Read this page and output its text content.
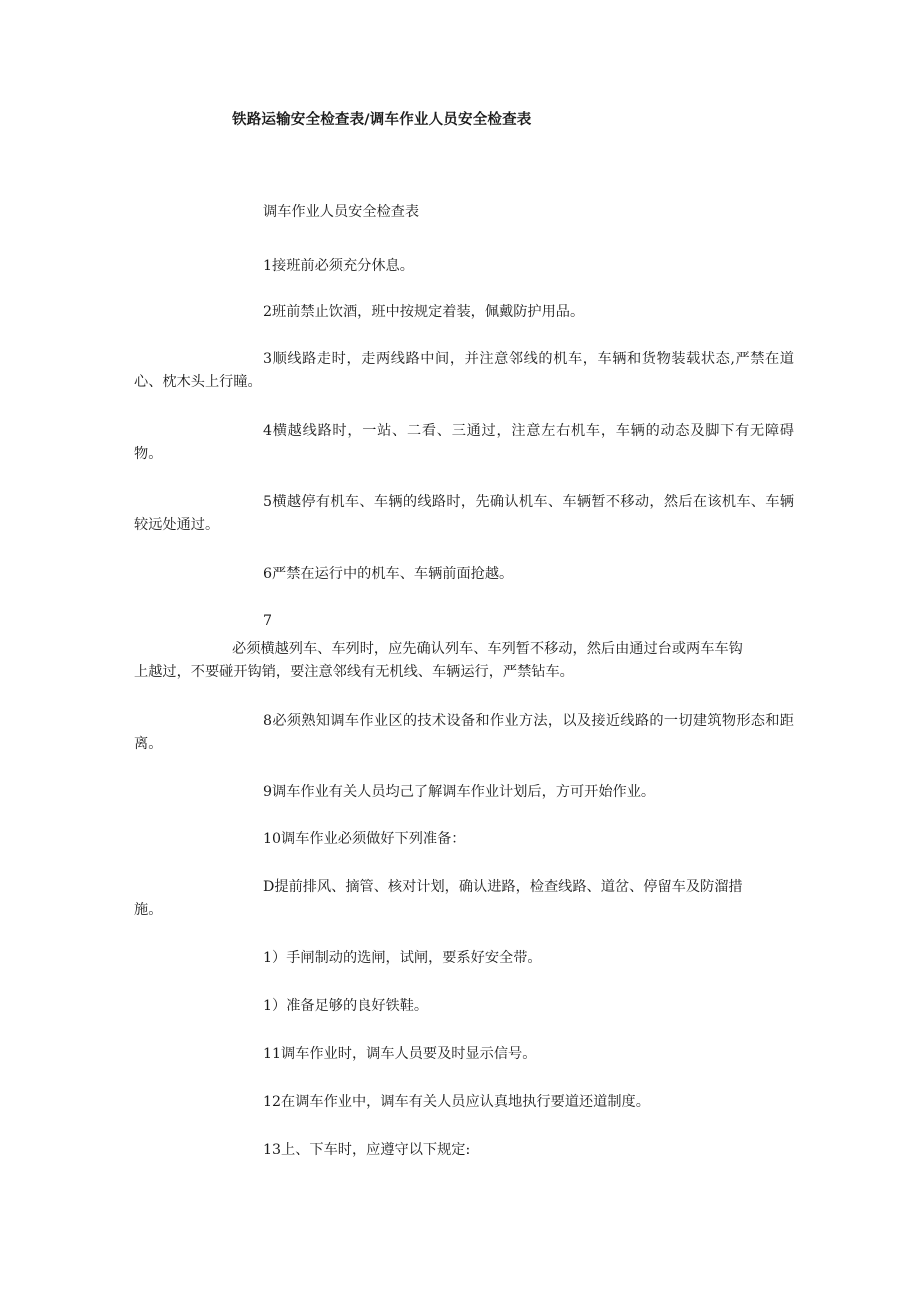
铁路运输安全检查表/调车作业人员安全检查表
调车作业人员安全检查表
1接班前必须充分休息。
2班前禁止饮酒，班中按规定着装，佩戴防护用品。
3顺线路走时，走两线路中间，并注意邻线的机车，车辆和货物装载状态,严禁在道心、枕木头上行瞳。
4横越线路时，一站、二看、三通过，注意左右机车，车辆的动态及脚下有无障碍物。
5横越停有机车、车辆的线路时，先确认机车、车辆暂不移动，然后在该机车、车辆较远处通过。
6严禁在运行中的机车、车辆前面抢越。
7
必须横越列车、车列时，应先确认列车、车列暂不移动，然后由通过台或两车车钩
上越过，不要碰开钩销，要注意邻线有无机线、车辆运行，严禁钻车。
8必须熟知调车作业区的技术设备和作业方法，以及接近线路的一切建筑物形态和距离。
9调车作业有关人员均己了解调车作业计划后，方可开始作业。
10调车作业必须做好下列准备：
D提前排风、摘管、核对计划，确认进路，检查线路、道岔、停留车及防溜措
施。
1）手闸制动的选闸，试闸，要系好安全带。
1）准备足够的良好铁鞋。
11调车作业时，调车人员要及时显示信号。
12在调车作业中，调车有关人员应认真地执行要道还道制度。
13上、下车时，应遵守以下规定:
